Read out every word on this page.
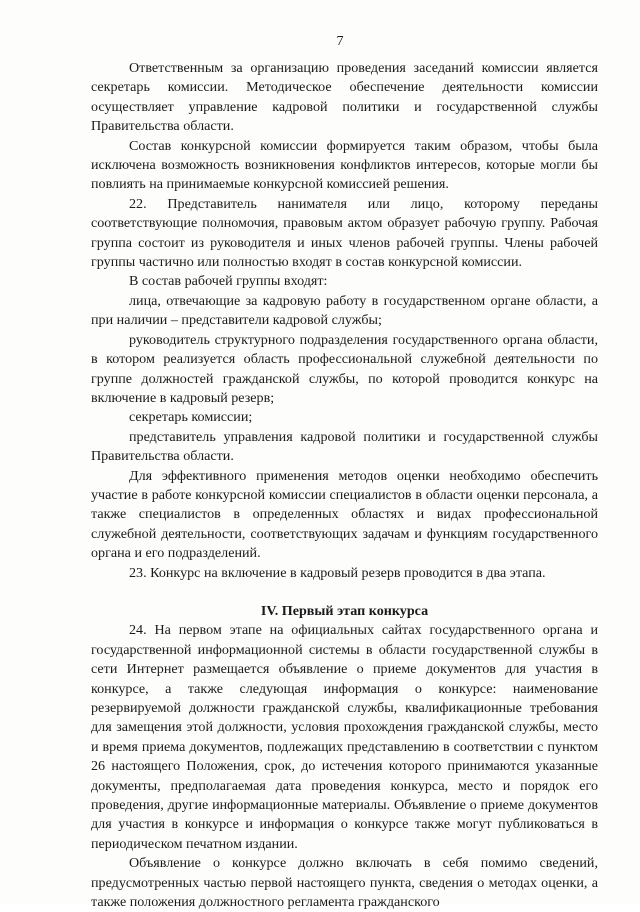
7

Ответственным за организацию проведения заседаний комиссии является секретарь комиссии. Методическое обеспечение деятельности комиссии осуществляет управление кадровой политики и государственной службы Правительства области.

Состав конкурсной комиссии формируется таким образом, чтобы была исключена возможность возникновения конфликтов интересов, которые могли бы повлиять на принимаемые конкурсной комиссией решения.

22. Представитель нанимателя или лицо, которому переданы соответствующие полномочия, правовым актом образует рабочую группу. Рабочая группа состоит из руководителя и иных членов рабочей группы. Члены рабочей группы частично или полностью входят в состав конкурсной комиссии.

В состав рабочей группы входят:

лица, отвечающие за кадровую работу в государственном органе области, а при наличии – представители кадровой службы;

руководитель структурного подразделения государственного органа области, в котором реализуется область профессиональной служебной деятельности по группе должностей гражданской службы, по которой проводится конкурс на включение в кадровый резерв;

секретарь комиссии;

представитель управления кадровой политики и государственной службы Правительства области.

Для эффективного применения методов оценки необходимо обеспечить участие в работе конкурсной комиссии специалистов в области оценки персонала, а также специалистов в определенных областях и видах профессиональной служебной деятельности, соответствующих задачам и функциям государственного органа и его подразделений.

23. Конкурс на включение в кадровый резерв проводится в два этапа.

IV. Первый этап конкурса

24. На первом этапе на официальных сайтах государственного органа и государственной информационной системы в области государственной службы в сети Интернет размещается объявление о приеме документов для участия в конкурсе, а также следующая информация о конкурсе: наименование резервируемой должности гражданской службы, квалификационные требования для замещения этой должности, условия прохождения гражданской службы, место и время приема документов, подлежащих представлению в соответствии с пунктом 26 настоящего Положения, срок, до истечения которого принимаются указанные документы, предполагаемая дата проведения конкурса, место и порядок его проведения, другие информационные материалы. Объявление о приеме документов для участия в конкурсе и информация о конкурсе также могут публиковаться в периодическом печатном издании.

Объявление о конкурсе должно включать в себя помимо сведений, предусмотренных частью первой настоящего пункта, сведения о методах оценки, а также положения должностного регламента гражданского
